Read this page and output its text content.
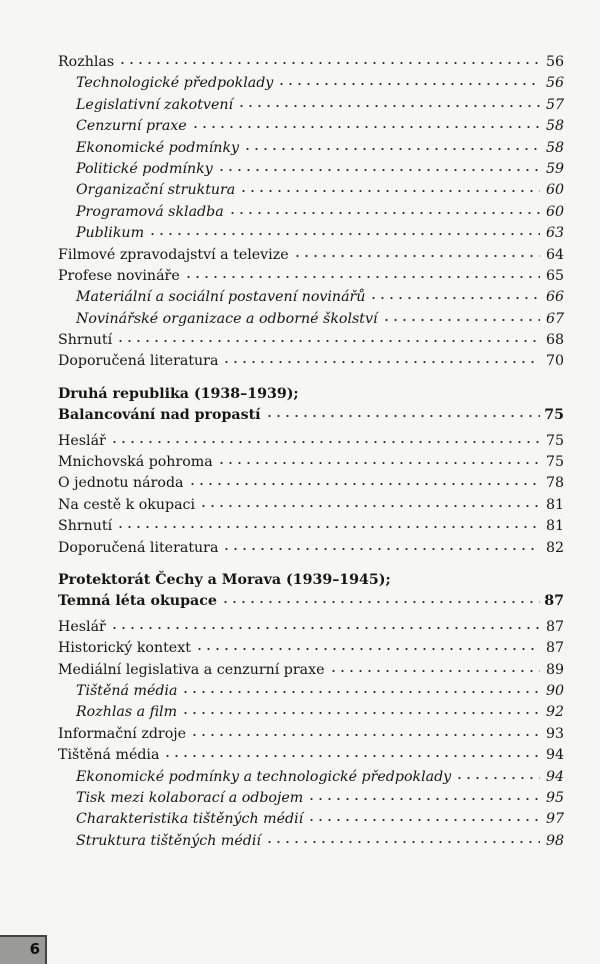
Rozhlas	56
Technologické předpoklady	56
Legislativní zakotvení	57
Cenzurní praxe	58
Ekonomické podmínky	58
Politické podmínky	59
Organizační struktura	60
Programová skladba	60
Publikum	63
Filmové zpravodajství a televize	64
Profese novináře	65
Materiální a sociální postavení novinářů	66
Novinářské organizace a odborné školství	67
Shrnutí	68
Doporučená literatura	70
Druhá republika (1938–1939);
Balancování nad propastí	75
Heslář	75
Mnichovská pohroma	75
O jednotu národa	78
Na cestě k okupaci	81
Shrnutí	81
Doporučená literatura	82
Protektorát Čechy a Morava (1939–1945);
Temná léta okupace	87
Heslář	87
Historický kontext	87
Mediální legislativa a cenzurní praxe	89
Tištěná média	90
Rozhlas a film	92
Informační zdroje	93
Tištěná média	94
Ekonomické podmínky a technologické předpoklady	94
Tisk mezi kolaborací a odbojem	95
Charakteristika tištěných médií	97
Struktura tištěných médií	98
6
